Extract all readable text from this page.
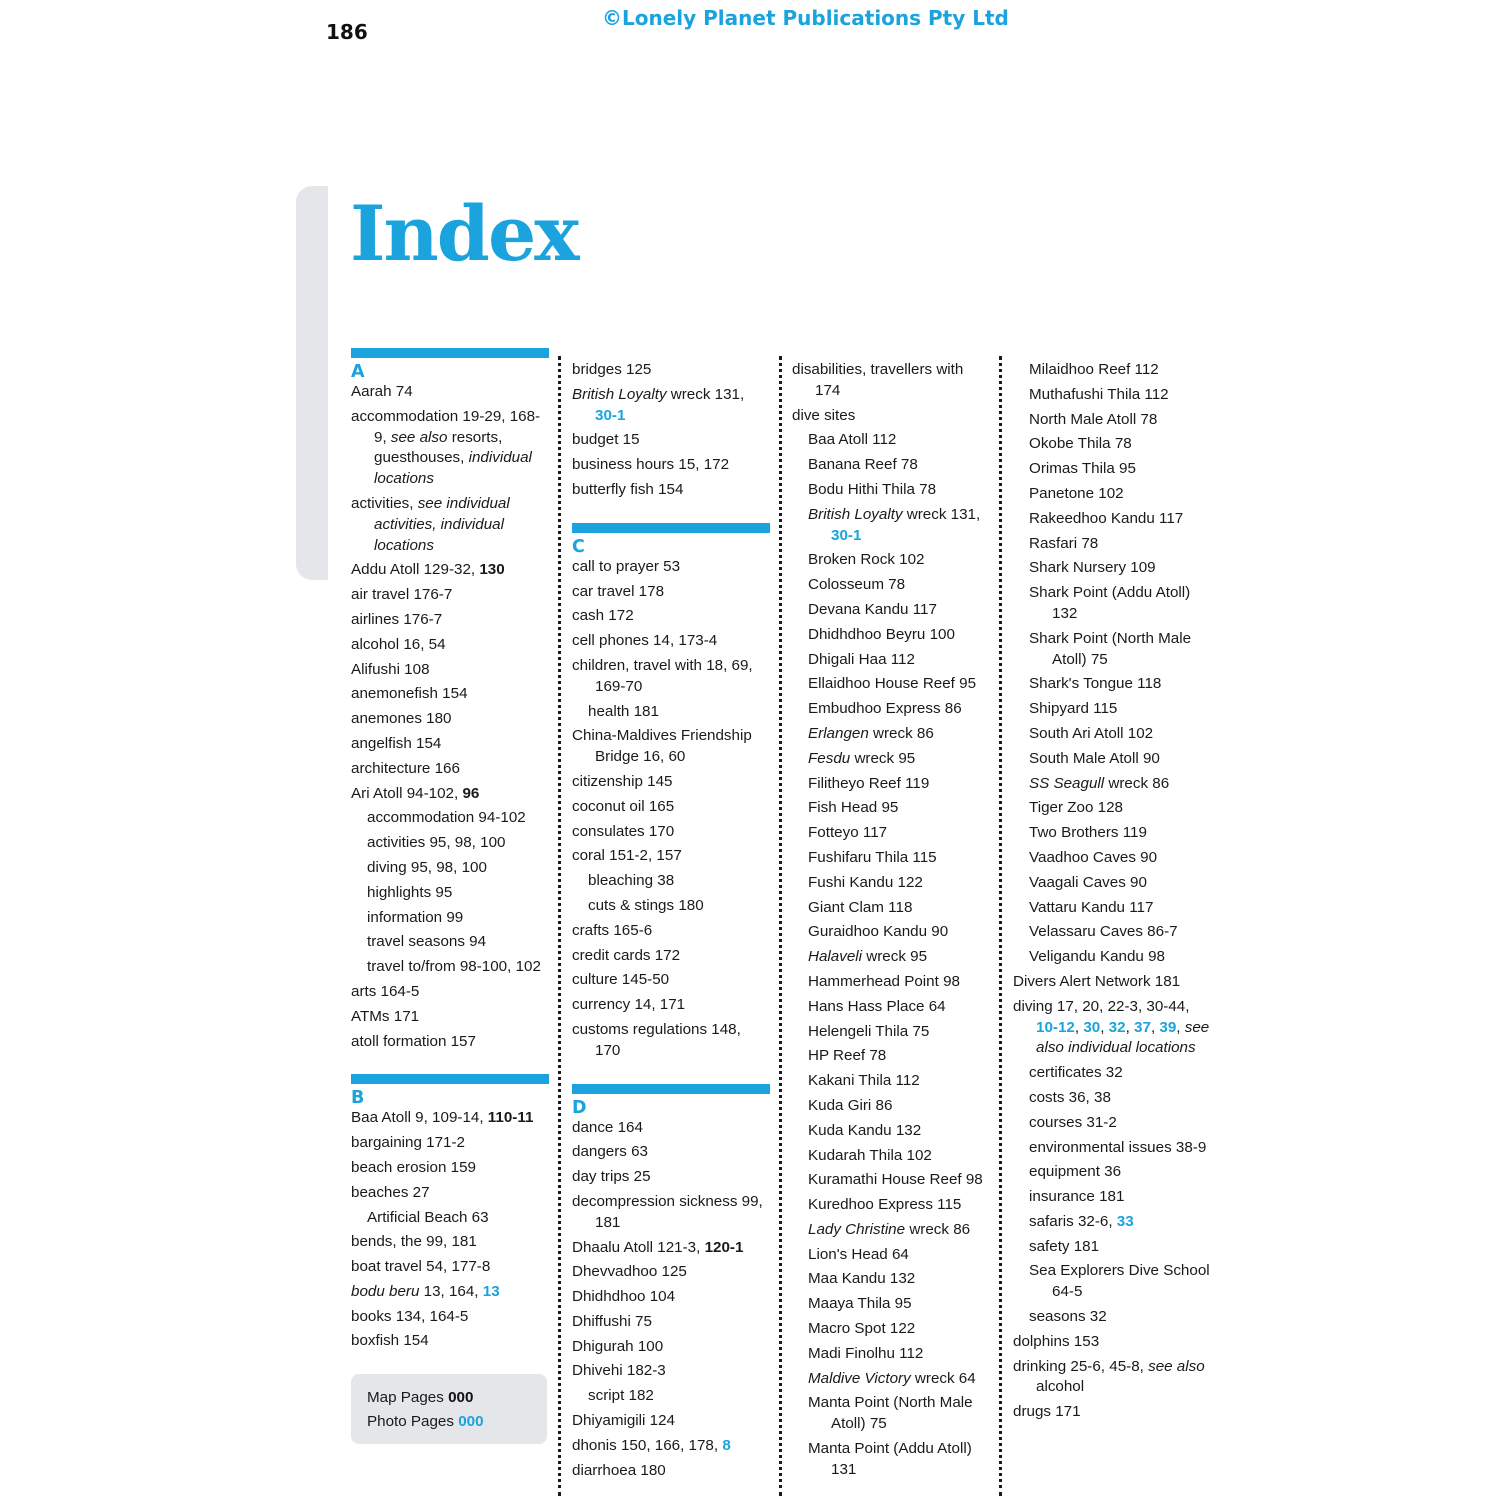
186
©Lonely Planet Publications Pty Ltd
Index
A
Aarah 74
accommodation 19-29, 168-9, see also resorts, guesthouses, individual locations
activities, see individual activities, individual locations
Addu Atoll 129-32, 130
air travel 176-7
airlines 176-7
alcohol 16, 54
Alifushi 108
anemonefish 154
anemones 180
angelfish 154
architecture 166
Ari Atoll 94-102, 96
accommodation 94-102
activities 95, 98, 100
diving 95, 98, 100
highlights 95
information 99
travel seasons 94
travel to/from 98-100, 102
arts 164-5
ATMs 171
atoll formation 157
B
Baa Atoll 9, 109-14, 110-11
bargaining 171-2
beach erosion 159
beaches 27
Artificial Beach 63
bends, the 99, 181
boat travel 54, 177-8
bodu beru 13, 164, 13
books 134, 164-5
boxfish 154
Map Pages 000
Photo Pages 000
bridges 125
British Loyalty wreck 131, 30-1
budget 15
business hours 15, 172
butterfly fish 154
C
call to prayer 53
car travel 178
cash 172
cell phones 14, 173-4
children, travel with 18, 69, 169-70
health 181
China-Maldives Friendship Bridge 16, 60
citizenship 145
coconut oil 165
consulates 170
coral 151-2, 157
bleaching 38
cuts & stings 180
crafts 165-6
credit cards 172
culture 145-50
currency 14, 171
customs regulations 148, 170
D
dance 164
dangers 63
day trips 25
decompression sickness 99, 181
Dhaalu Atoll 121-3, 120-1
Dhevvadhoo 125
Dhidhdhoo 104
Dhiffushi 75
Dhigurah 100
Dhivehi 182-3
script 182
Dhiyamigili 124
dhonis 150, 166, 178, 8
diarrhoea 180
disabilities, travellers with 174
dive sites
Baa Atoll 112
Banana Reef 78
Bodu Hithi Thila 78
British Loyalty wreck 131, 30-1
Broken Rock 102
Colosseum 78
Devana Kandu 117
Dhidhdhoo Beyru 100
Dhigali Haa 112
Ellaidhoo House Reef 95
Embudhoo Express 86
Erlangen wreck 86
Fesdu wreck 95
Filitheyo Reef 119
Fish Head 95
Fotteyo 117
Fushifaru Thila 115
Fushi Kandu 122
Giant Clam 118
Guraidhoo Kandu 90
Halaveli wreck 95
Hammerhead Point 98
Hans Hass Place 64
Helengeli Thila 75
HP Reef 78
Kakani Thila 112
Kuda Giri 86
Kuda Kandu 132
Kudarah Thila 102
Kuramathi House Reef 98
Kuredhoo Express 115
Lady Christine wreck 86
Lion's Head 64
Maa Kandu 132
Maaya Thila 95
Macro Spot 122
Madi Finolhu 112
Maldive Victory wreck 64
Manta Point (North Male Atoll) 75
Manta Point (Addu Atoll) 131
Milaidhoo Reef 112
Muthafushi Thila 112
North Male Atoll 78
Okobe Thila 78
Orimas Thila 95
Panetone 102
Rakeedhoo Kandu 117
Rasfari 78
Shark Nursery 109
Shark Point (Addu Atoll) 132
Shark Point (North Male Atoll) 75
Shark's Tongue 118
Shipyard 115
South Ari Atoll 102
South Male Atoll 90
SS Seagull wreck 86
Tiger Zoo 128
Two Brothers 119
Vaadhoo Caves 90
Vaagali Caves 90
Vattaru Kandu 117
Velassaru Caves 86-7
Veligandu Kandu 98
Divers Alert Network 181
diving 17, 20, 22-3, 30-44, 10-12, 30, 32, 37, 39, see also individual locations
certificates 32
costs 36, 38
courses 31-2
environmental issues 38-9
equipment 36
insurance 181
safaris 32-6, 33
safety 181
Sea Explorers Dive School 64-5
seasons 32
dolphins 153
drinking 25-6, 45-8, see also alcohol
drugs 171
